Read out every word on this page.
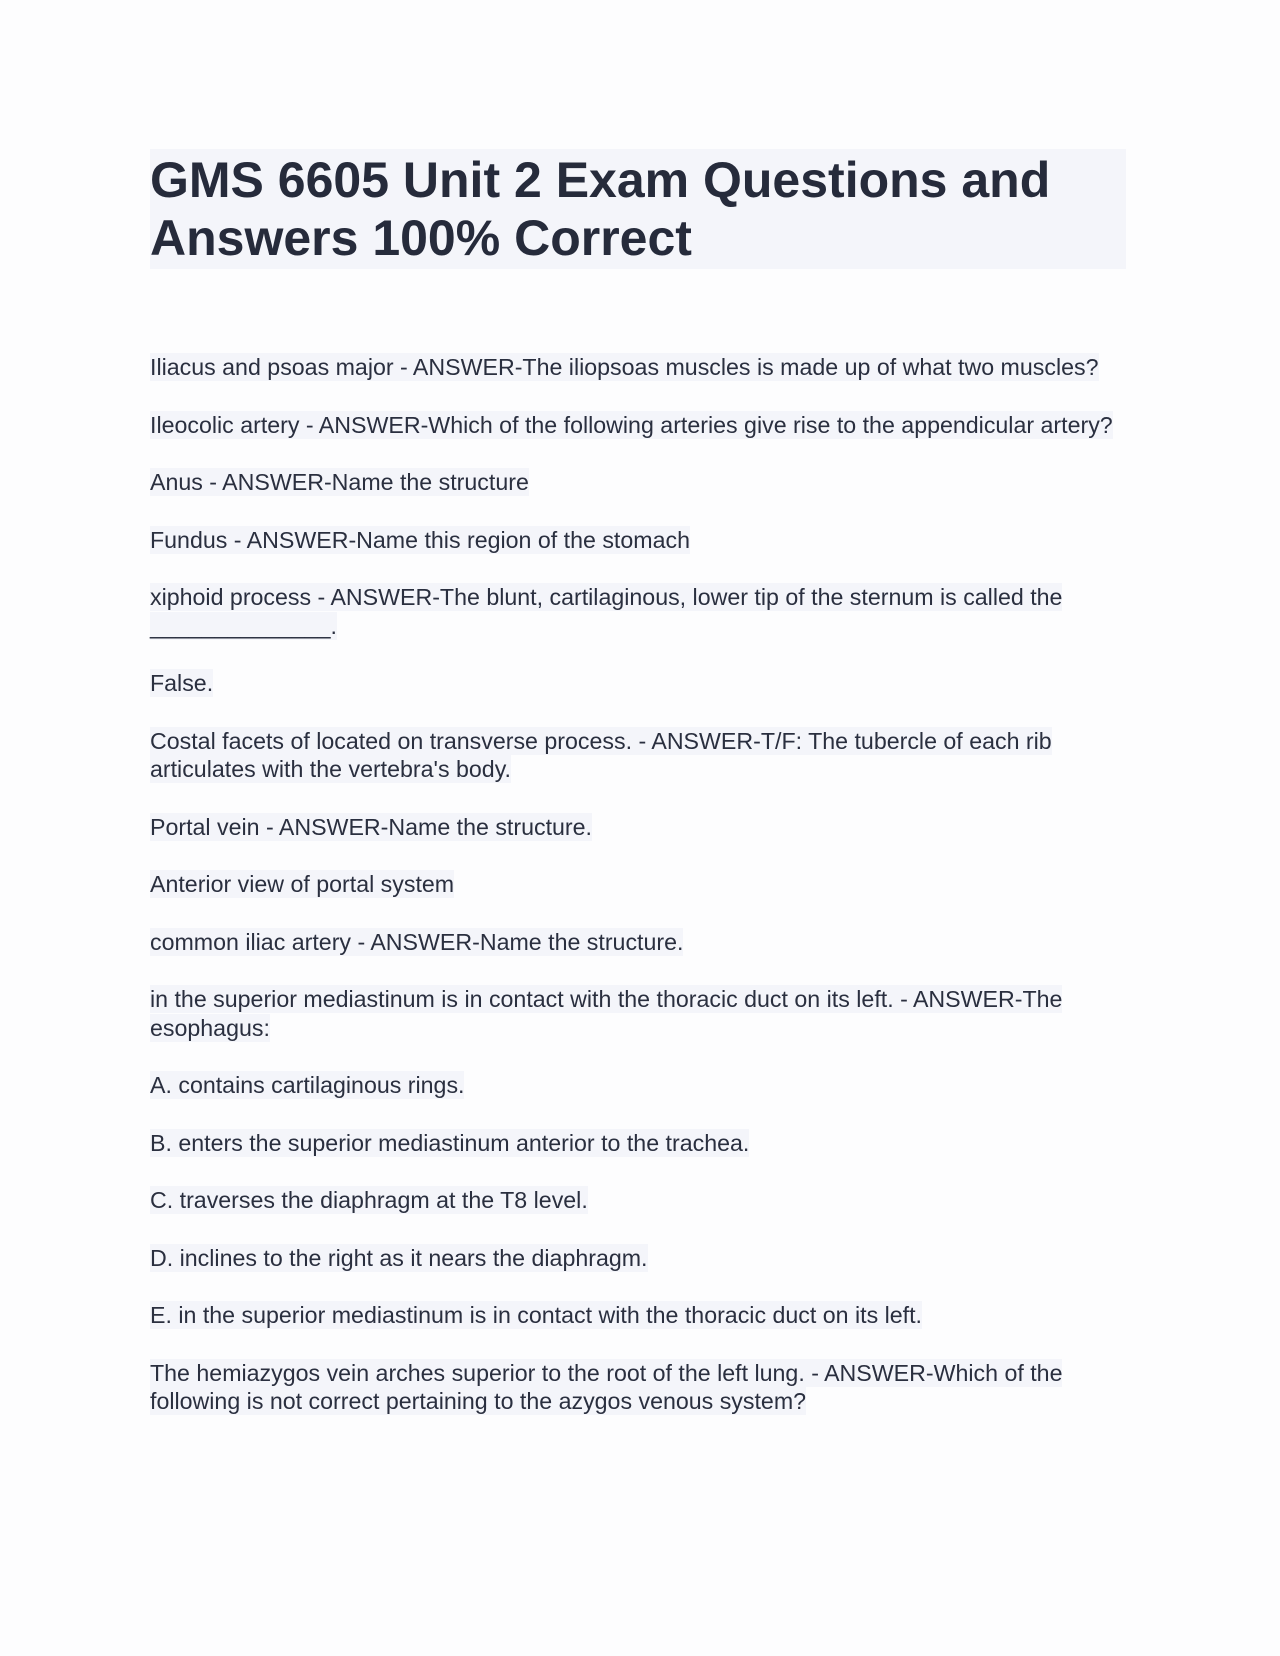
GMS 6605 Unit 2 Exam Questions and Answers 100% Correct

Iliacus and psoas major - ANSWER-The iliopsoas muscles is made up of what two muscles?

Ileocolic artery - ANSWER-Which of the following arteries give rise to the appendicular artery?

Anus - ANSWER-Name the structure

Fundus - ANSWER-Name this region of the stomach

xiphoid process - ANSWER-The blunt, cartilaginous, lower tip of the sternum is called the ______________.

False.

Costal facets of located on transverse process. - ANSWER-T/F: The tubercle of each rib articulates with the vertebra's body.

Portal vein - ANSWER-Name the structure.

Anterior view of portal system

common iliac artery - ANSWER-Name the structure.

in the superior mediastinum is in contact with the thoracic duct on its left. - ANSWER-The esophagus:

A. contains cartilaginous rings.

B. enters the superior mediastinum anterior to the trachea.

C. traverses the diaphragm at the T8 level.

D. inclines to the right as it nears the diaphragm.

E. in the superior mediastinum is in contact with the thoracic duct on its left.

The hemiazygos vein arches superior to the root of the left lung. - ANSWER-Which of the following is not correct pertaining to the azygos venous system?
